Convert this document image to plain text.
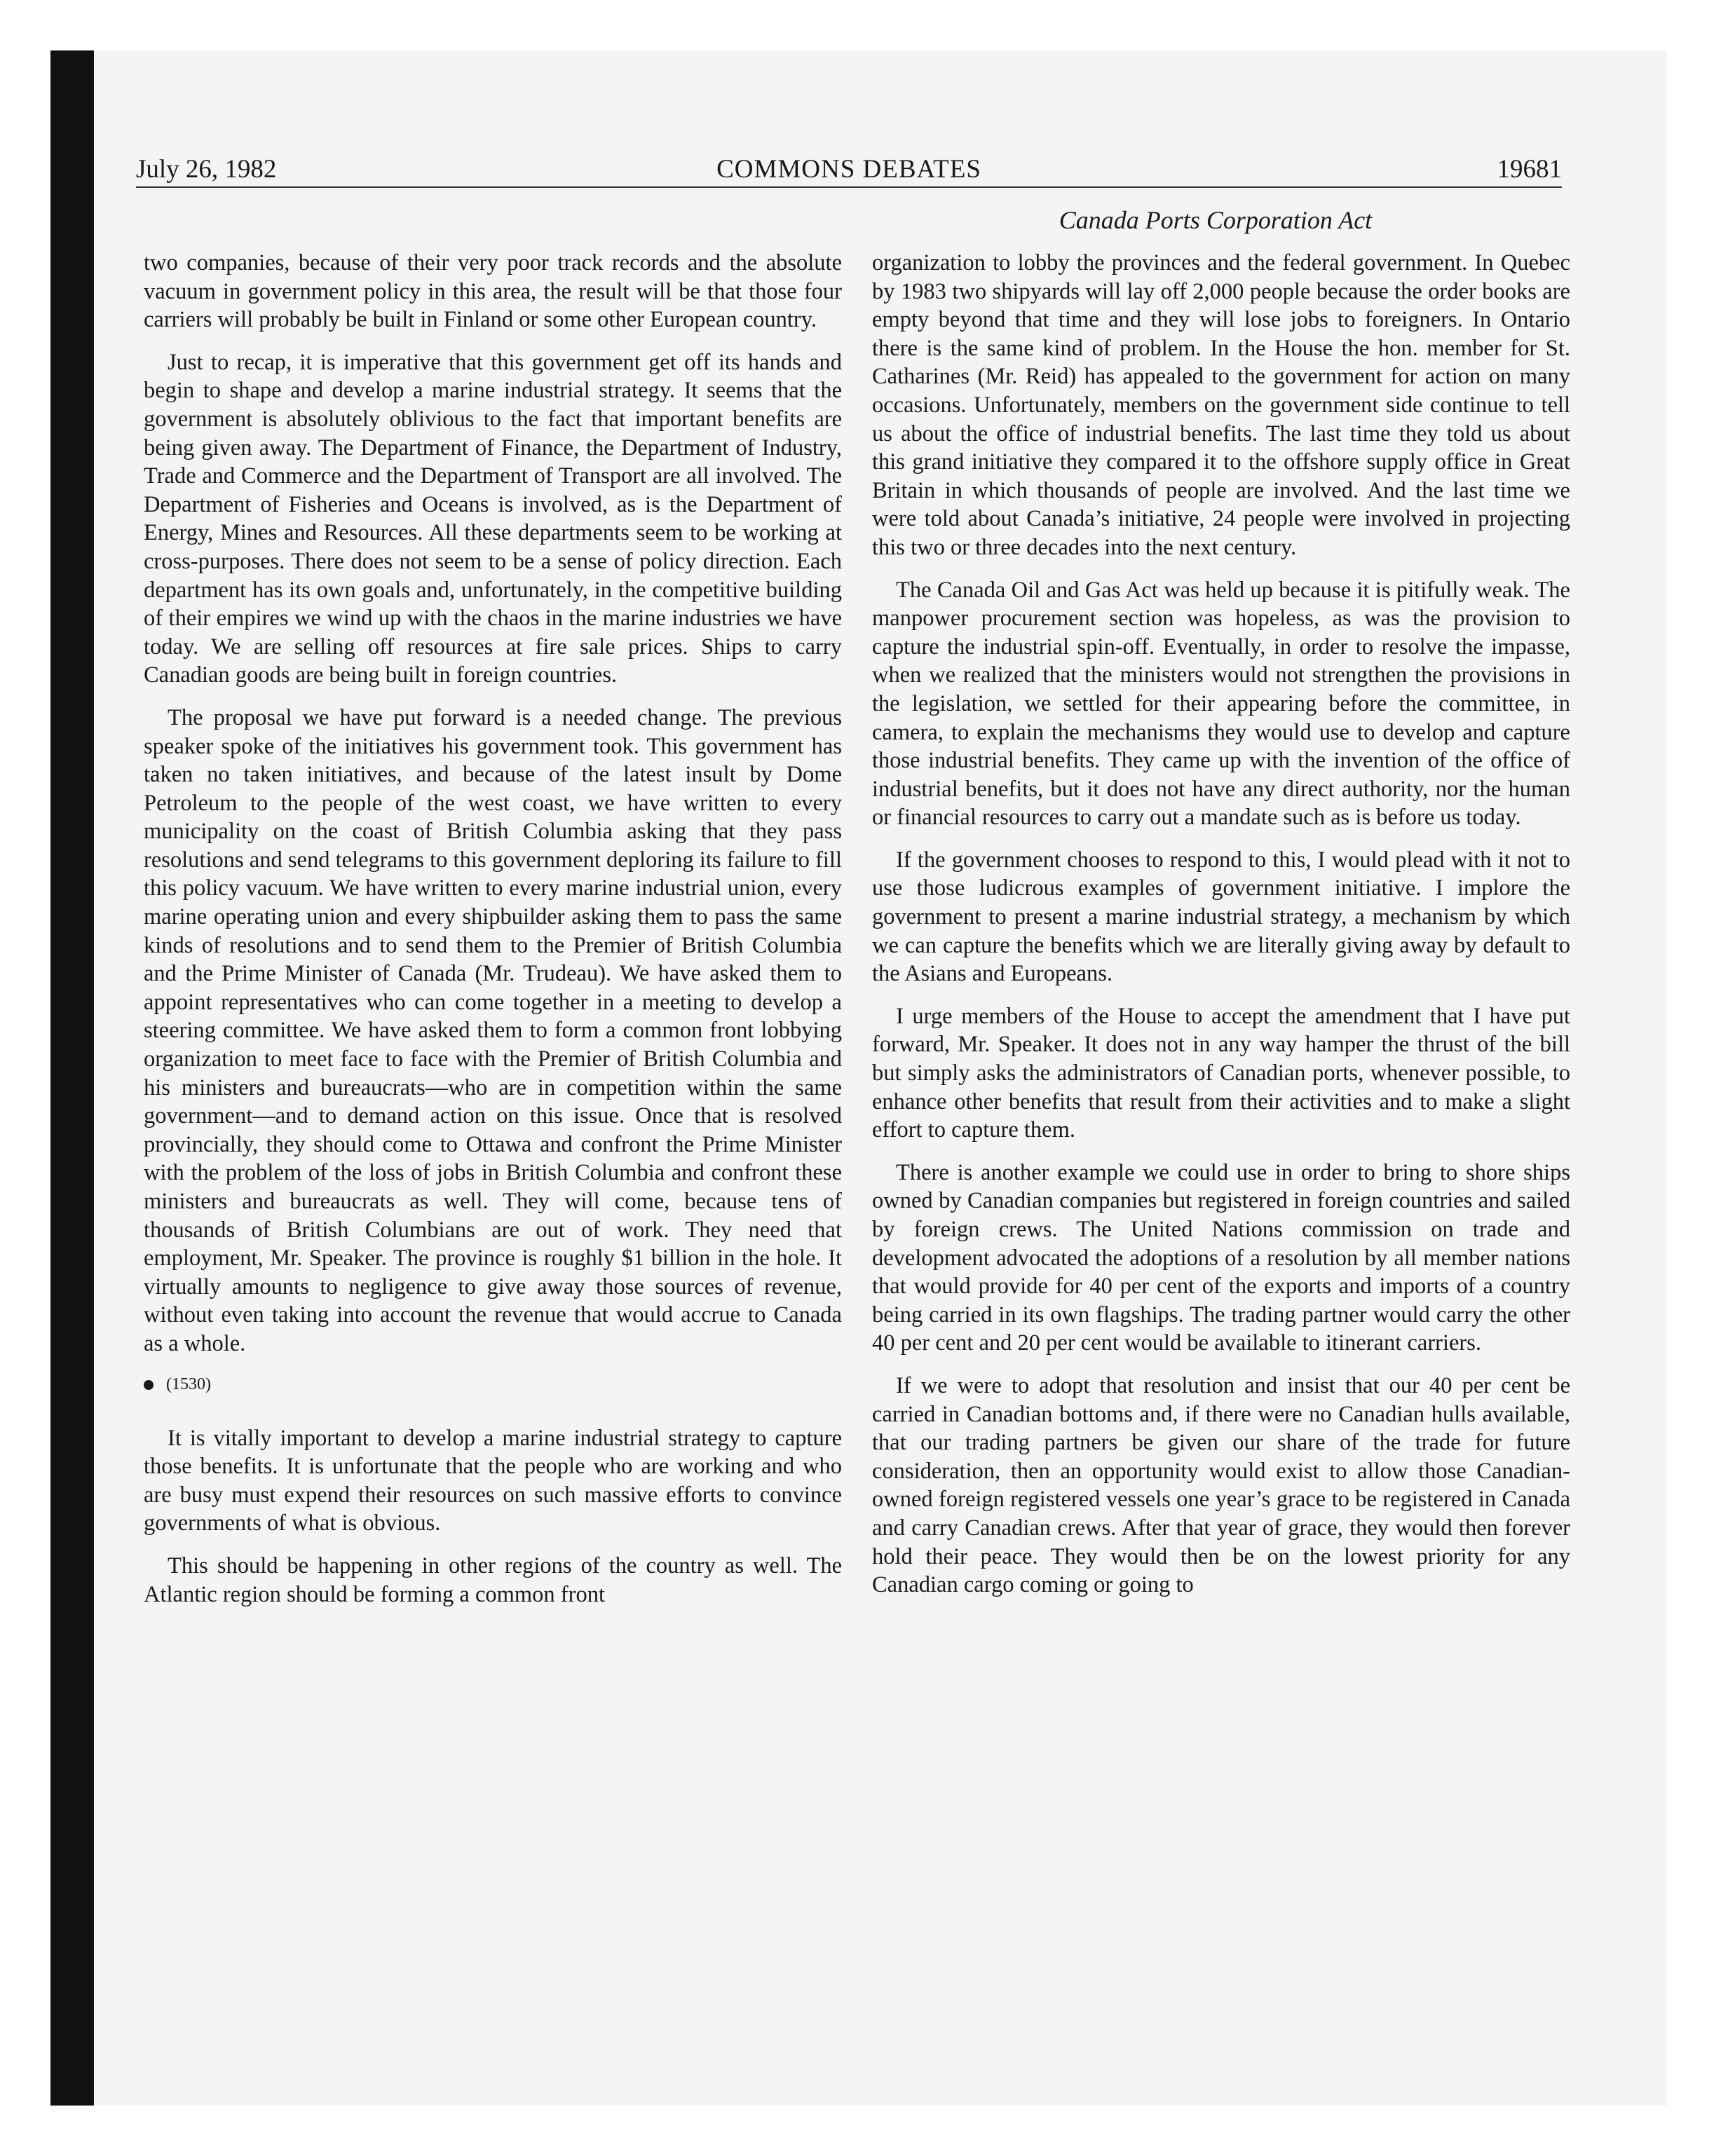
July 26, 1982	COMMONS DEBATES	19681
Canada Ports Corporation Act

two companies, because of their very poor track records and the absolute vacuum in government policy in this area, the result will be that those four carriers will probably be built in Finland or some other European country.

Just to recap, it is imperative that this government get off its hands and begin to shape and develop a marine industrial strategy. It seems that the government is absolutely oblivious to the fact that important benefits are being given away. The Department of Finance, the Department of Industry, Trade and Commerce and the Department of Transport are all involved. The Department of Fisheries and Oceans is involved, as is the Department of Energy, Mines and Resources. All these departments seem to be working at cross-purposes. There does not seem to be a sense of policy direction. Each department has its own goals and, unfortunately, in the competitive building of their empires we wind up with the chaos in the marine industries we have today. We are selling off resources at fire sale prices. Ships to carry Canadian goods are being built in foreign countries.

The proposal we have put forward is a needed change. The previous speaker spoke of the initiatives his government took. This government has taken no taken initiatives, and because of the latest insult by Dome Petroleum to the people of the west coast, we have written to every municipality on the coast of British Columbia asking that they pass resolutions and send telegrams to this government deploring its failure to fill this policy vacuum. We have written to every marine industrial union, every marine operating union and every shipbuilder asking them to pass the same kinds of resolutions and to send them to the Premier of British Columbia and the Prime Minister of Canada (Mr. Trudeau). We have asked them to appoint representatives who can come together in a meeting to develop a steering committee. We have asked them to form a common front lobbying organization to meet face to face with the Premier of British Columbia and his ministers and bureaucrats—who are in competition within the same government—and to demand action on this issue. Once that is resolved provincially, they should come to Ottawa and confront the Prime Minister with the problem of the loss of jobs in British Columbia and confront these ministers and bureaucrats as well. They will come, because tens of thousands of British Columbians are out of work. They need that employment, Mr. Speaker. The province is roughly $1 billion in the hole. It virtually amounts to negligence to give away those sources of revenue, without even taking into account the revenue that would accrue to Canada as a whole.

(1530)

It is vitally important to develop a marine industrial strategy to capture those benefits. It is unfortunate that the people who are working and who are busy must expend their resources on such massive efforts to convince governments of what is obvious.

This should be happening in other regions of the country as well. The Atlantic region should be forming a common front

organization to lobby the provinces and the federal government. In Quebec by 1983 two shipyards will lay off 2,000 people because the order books are empty beyond that time and they will lose jobs to foreigners. In Ontario there is the same kind of problem. In the House the hon. member for St. Catharines (Mr. Reid) has appealed to the government for action on many occasions. Unfortunately, members on the government side continue to tell us about the office of industrial benefits. The last time they told us about this grand initiative they compared it to the offshore supply office in Great Britain in which thousands of people are involved. And the last time we were told about Canada’s initiative, 24 people were involved in projecting this two or three decades into the next century.

The Canada Oil and Gas Act was held up because it is pitifully weak. The manpower procurement section was hopeless, as was the provision to capture the industrial spin-off. Eventually, in order to resolve the impasse, when we realized that the ministers would not strengthen the provisions in the legislation, we settled for their appearing before the committee, in camera, to explain the mechanisms they would use to develop and capture those industrial benefits. They came up with the invention of the office of industrial benefits, but it does not have any direct authority, nor the human or financial resources to carry out a mandate such as is before us today.

If the government chooses to respond to this, I would plead with it not to use those ludicrous examples of government initiative. I implore the government to present a marine industrial strategy, a mechanism by which we can capture the benefits which we are literally giving away by default to the Asians and Europeans.

I urge members of the House to accept the amendment that I have put forward, Mr. Speaker. It does not in any way hamper the thrust of the bill but simply asks the administrators of Canadian ports, whenever possible, to enhance other benefits that result from their activities and to make a slight effort to capture them.

There is another example we could use in order to bring to shore ships owned by Canadian companies but registered in foreign countries and sailed by foreign crews. The United Nations commission on trade and development advocated the adoptions of a resolution by all member nations that would provide for 40 per cent of the exports and imports of a country being carried in its own flagships. The trading partner would carry the other 40 per cent and 20 per cent would be available to itinerant carriers.

If we were to adopt that resolution and insist that our 40 per cent be carried in Canadian bottoms and, if there were no Canadian hulls available, that our trading partners be given our share of the trade for future consideration, then an opportunity would exist to allow those Canadian-owned foreign registered vessels one year’s grace to be registered in Canada and carry Canadian crews. After that year of grace, they would then forever hold their peace. They would then be on the lowest priority for any Canadian cargo coming or going to
